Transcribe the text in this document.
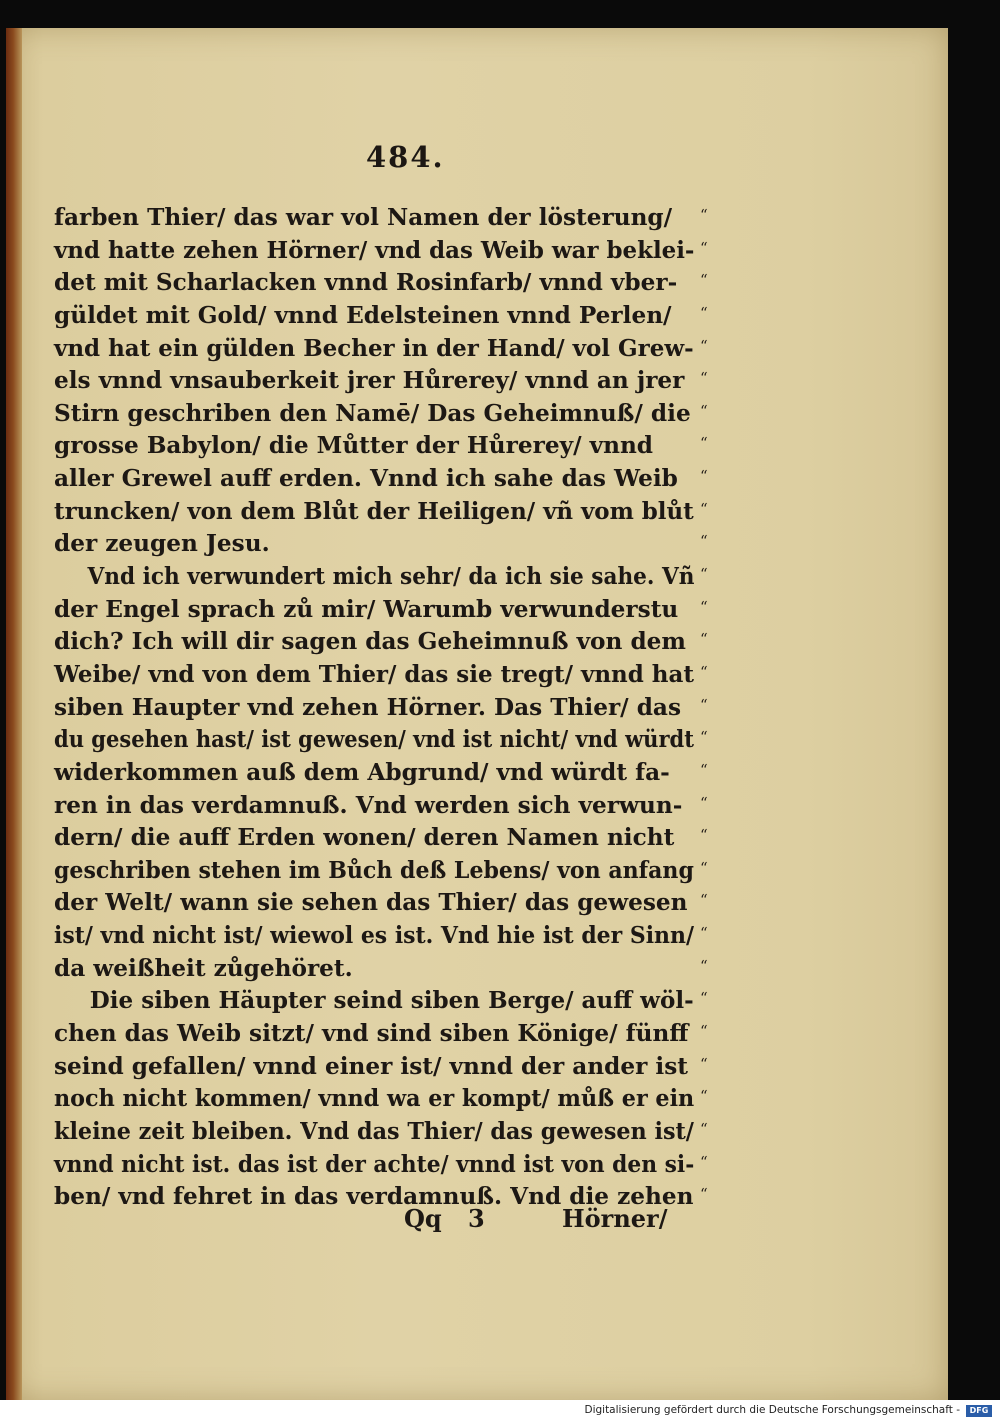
484.

farben Thier/ das war vol Namen der lösterung/ “
vnd hatte zehen Hörner/ vnd das Weib war beklei- “
det mit Scharlacken vnnd Rosinfarb/ vnnd vber- “
güldet mit Gold/ vnnd Edelsteinen vnnd Perlen/ “
vnd hat ein gülden Becher in der Hand/ vol Grew- “
els vnnd vnsauberkeit jrer Hůrerey/ vnnd an jrer “
Stirn geschriben den Namē/ Das Geheimnuß/ die “
grosse Babylon/ die Můtter der Hůrerey/ vnnd	“
aller Grewel auff erden. Vnnd ich sahe das Weib “
truncken/ von dem Blůt der Heiligen/ vñ vom blůt “
der zeugen Jesu.	“
Vnd ich verwundert mich sehr/ da ich sie sahe. Vñ “
der Engel sprach zů mir/ Warumb verwunderstu “
dich? Ich will dir sagen das Geheimnuß von dem “
Weibe/ vnd von dem Thier/ das sie tregt/ vnnd hat “
siben Haupter vnd zehen Hörner. Das Thier/ das “
du gesehen hast/ ist gewesen/ vnd ist nicht/ vnd würdt “
widerkommen auß dem Abgrund/ vnd würdt fa- “
ren in das verdamnuß. Vnd werden sich verwun- “
dern/ die auff Erden wonen/ deren Namen nicht “
geschriben stehen im Bůch deß Lebens/ von anfang “
der Welt/ wann sie sehen das Thier/ das gewesen “
ist/ vnd nicht ist/ wiewol es ist. Vnd hie ist der Sinn/ “
da weißheit zůgehöret.	“
Die siben Häupter seind siben Berge/ auff wöl- “
chen das Weib sitzt/ vnd sind siben Könige/ fünff “
seind gefallen/ vnnd einer ist/ vnnd der ander ist “
noch nicht kommen/ vnnd wa er kompt/ můß er ein “
kleine zeit bleiben. Vnd das Thier/ das gewesen ist/ “
vnnd nicht ist. das ist der achte/ vnnd ist von den si- “
ben/ vnd fehret in das verdamnuß. Vnd die zehen “

Qq 3	Hörner/

Digitalisierung gefördert durch die Deutsche Forschungsgemeinschaft -	DFG
